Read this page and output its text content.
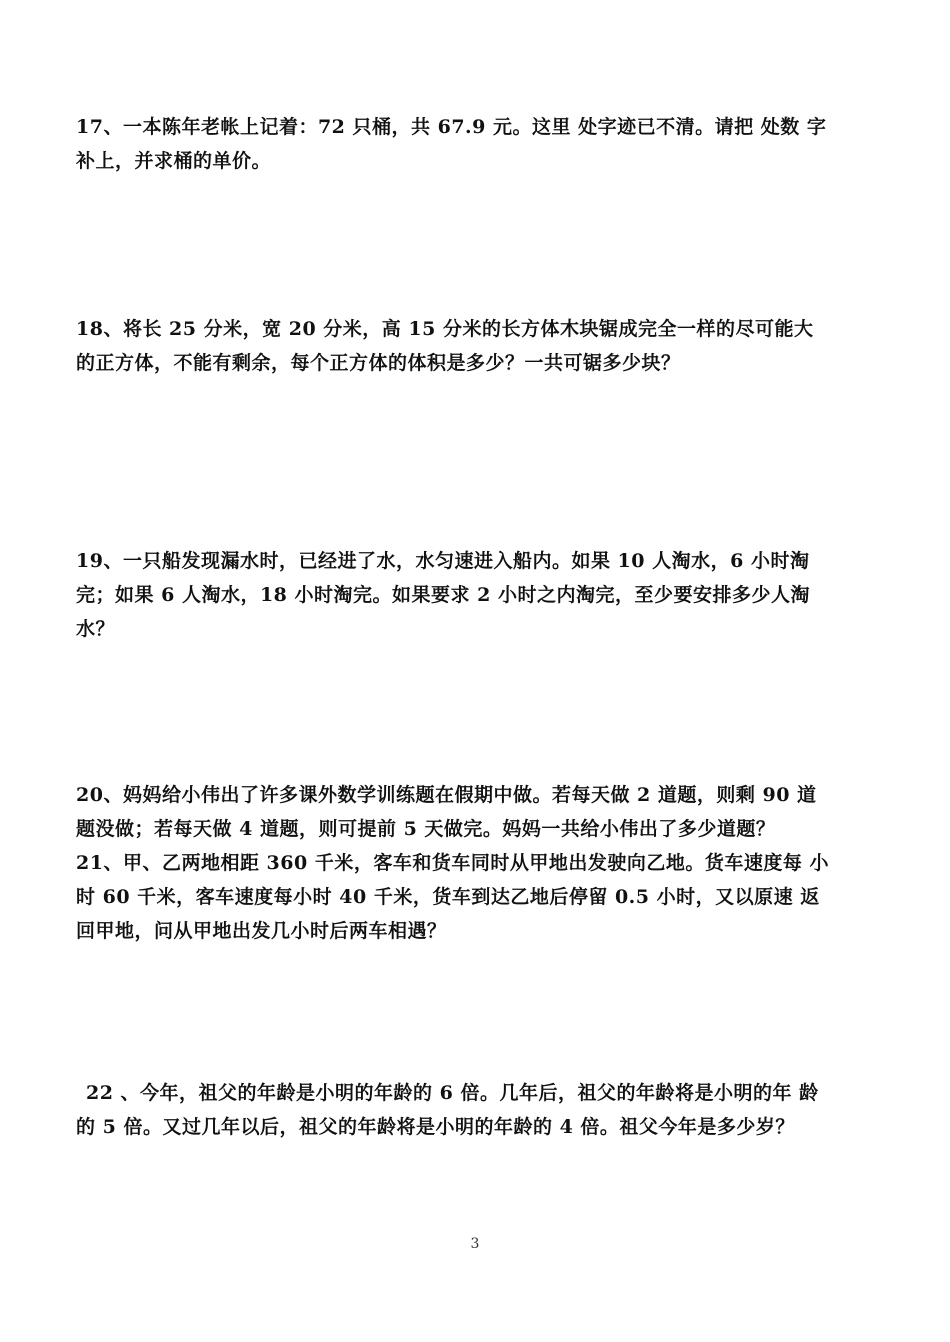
17、一本陈年老帐上记着：72 只桶，共 67.9 元。这里 处字迹已不清。请把 处数 字
补上，并求桶的单价。
18、将长 25 分米，宽 20 分米，高 15 分米的长方体木块锯成完全一样的尽可能大
的正方体，不能有剩余，每个正方体的体积是多少？一共可锯多少块？
19、一只船发现漏水时，已经进了水，水匀速进入船内。如果 10 人淘水，6 小时淘
完；如果 6 人淘水，18 小时淘完。如果要求 2 小时之内淘完，至少要安排多少人淘
水？
20、妈妈给小伟出了许多课外数学训练题在假期中做。若每天做 2 道题，则剩 90 道
题没做；若每天做 4 道题，则可提前 5 天做完。妈妈一共给小伟出了多少道题？
21、甲、乙两地相距 360 千米，客车和货车同时从甲地出发驶向乙地。货车速度每 小
时 60 千米，客车速度每小时 40 千米，货车到达乙地后停留 0.5 小时，又以原速 返
回甲地，问从甲地出发几小时后两车相遇？
22 、今年，祖父的年龄是小明的年龄的 6 倍。几年后，祖父的年龄将是小明的年 龄
的 5 倍。又过几年以后，祖父的年龄将是小明的年龄的 4 倍。祖父今年是多少岁？
3
